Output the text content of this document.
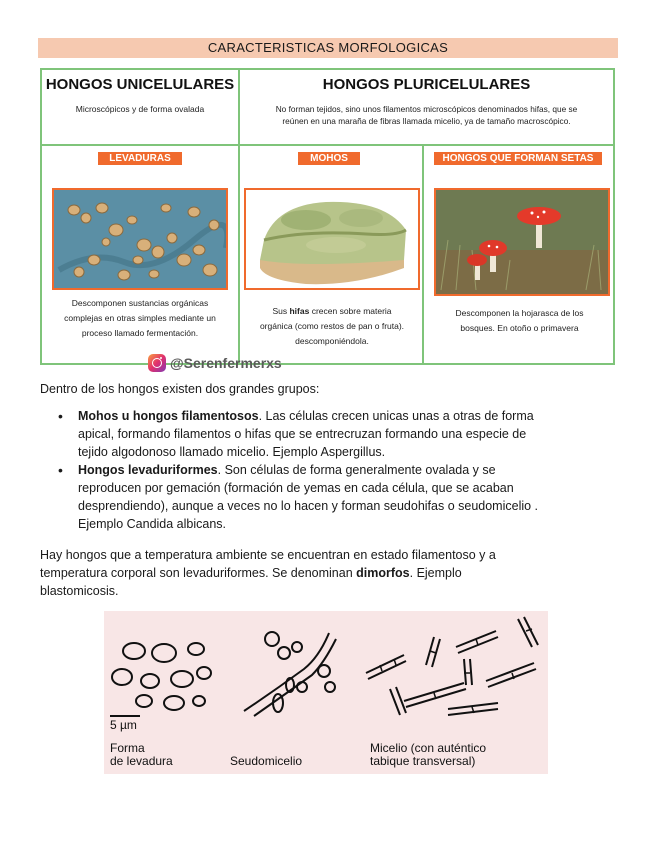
CARACTERISTICAS MORFOLOGICAS
HONGOS UNICELULARES
Microscópicos y de forma ovalada
HONGOS PLURICELULARES
No forman tejidos, sino unos filamentos microscópicos denominados hifas, que se
reúnen en una maraña de fibras llamada micelio, ya de tamaño macroscópico.
LEVADURAS
Descomponen sustancias orgánicas
complejas en otras simples mediante un
proceso llamado fermentación.
MOHOS
Sus hifas crecen sobre materia
orgánica (como restos de pan o fruta).
descomponiéndola.
HONGOS QUE FORMAN SETAS
Descomponen la hojarasca de los
bosques. En otoño o primavera
@Serenfermerxs
Dentro de los hongos existen dos grandes grupos:
• Mohos u hongos filamentosos. Las células crecen unicas unas a otras de forma
apical, formando filamentos o hifas que se entrecruzan formando una especie de
tejido algodonoso llamado micelio. Ejemplo Aspergillus.
• Hongos levaduriformes. Son células de forma generalmente ovalada y se
reproducen por gemación (formación de yemas en cada célula, que se acaban
desprendiendo), aunque a veces no lo hacen y forman seudohifas o seudomicelio .
Ejemplo Candida albicans.
Hay hongos que a temperatura ambiente se encuentran en estado filamentoso y a
temperatura corporal son levaduriformes. Se denominan dimorfos. Ejemplo
blastomicosis.
5 µm
Forma
de levadura	Seudomicelio
Micelio (con auténtico
tabique transversal)
